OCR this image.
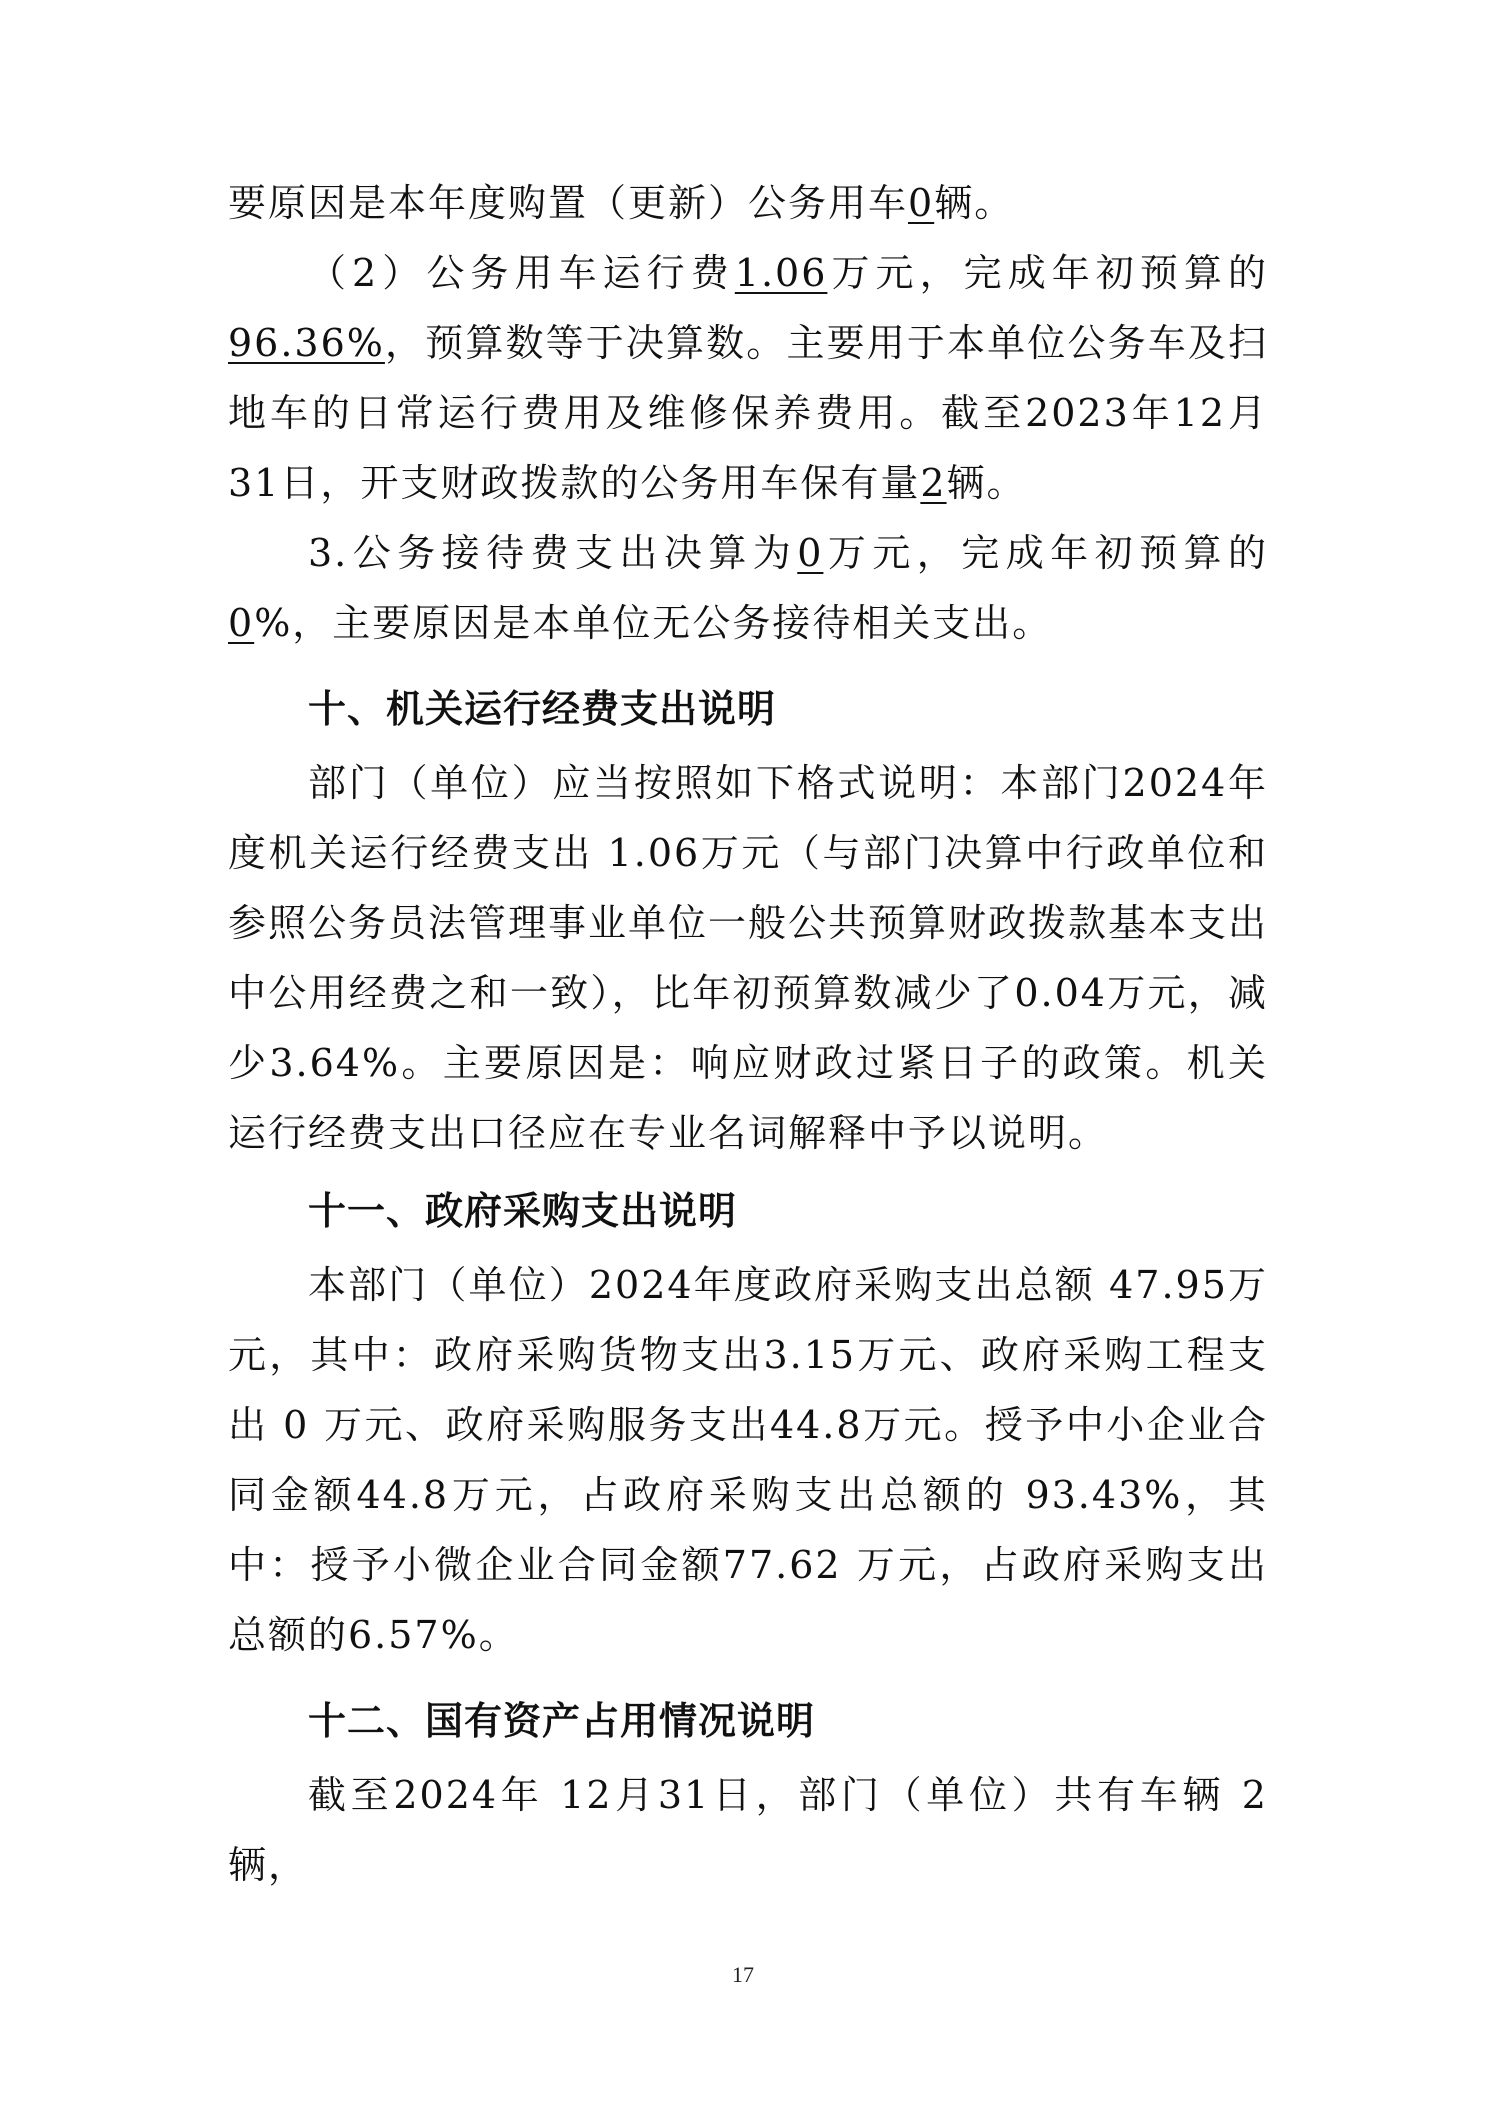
要原因是本年度购置（更新）公务用车0辆。

（2）公务用车运行费1.06万元，完成年初预算的96.36%，预算数等于决算数。主要用于本单位公务车及扫地车的日常运行费用及维修保养费用。截至2023年12月31日，开支财政拨款的公务用车保有量2辆。

3.公务接待费支出决算为0万元，完成年初预算的0%，主要原因是本单位无公务接待相关支出。

十、机关运行经费支出说明

部门（单位）应当按照如下格式说明：本部门2024年度机关运行经费支出 1.06万元（与部门决算中行政单位和参照公务员法管理事业单位一般公共预算财政拨款基本支出中公用经费之和一致），比年初预算数减少了0.04万元，减少3.64%。主要原因是：响应财政过紧日子的政策。机关运行经费支出口径应在专业名词解释中予以说明。

十一、政府采购支出说明

本部门（单位）2024年度政府采购支出总额 47.95万元，其中：政府采购货物支出3.15万元、政府采购工程支出 0 万元、政府采购服务支出44.8万元。授予中小企业合同金额44.8万元，占政府采购支出总额的 93.43%，其中：授予小微企业合同金额77.62 万元，占政府采购支出总额的6.57%。

十二、国有资产占用情况说明

截至2024年 12月31日，部门（单位）共有车辆 2辆，

17
